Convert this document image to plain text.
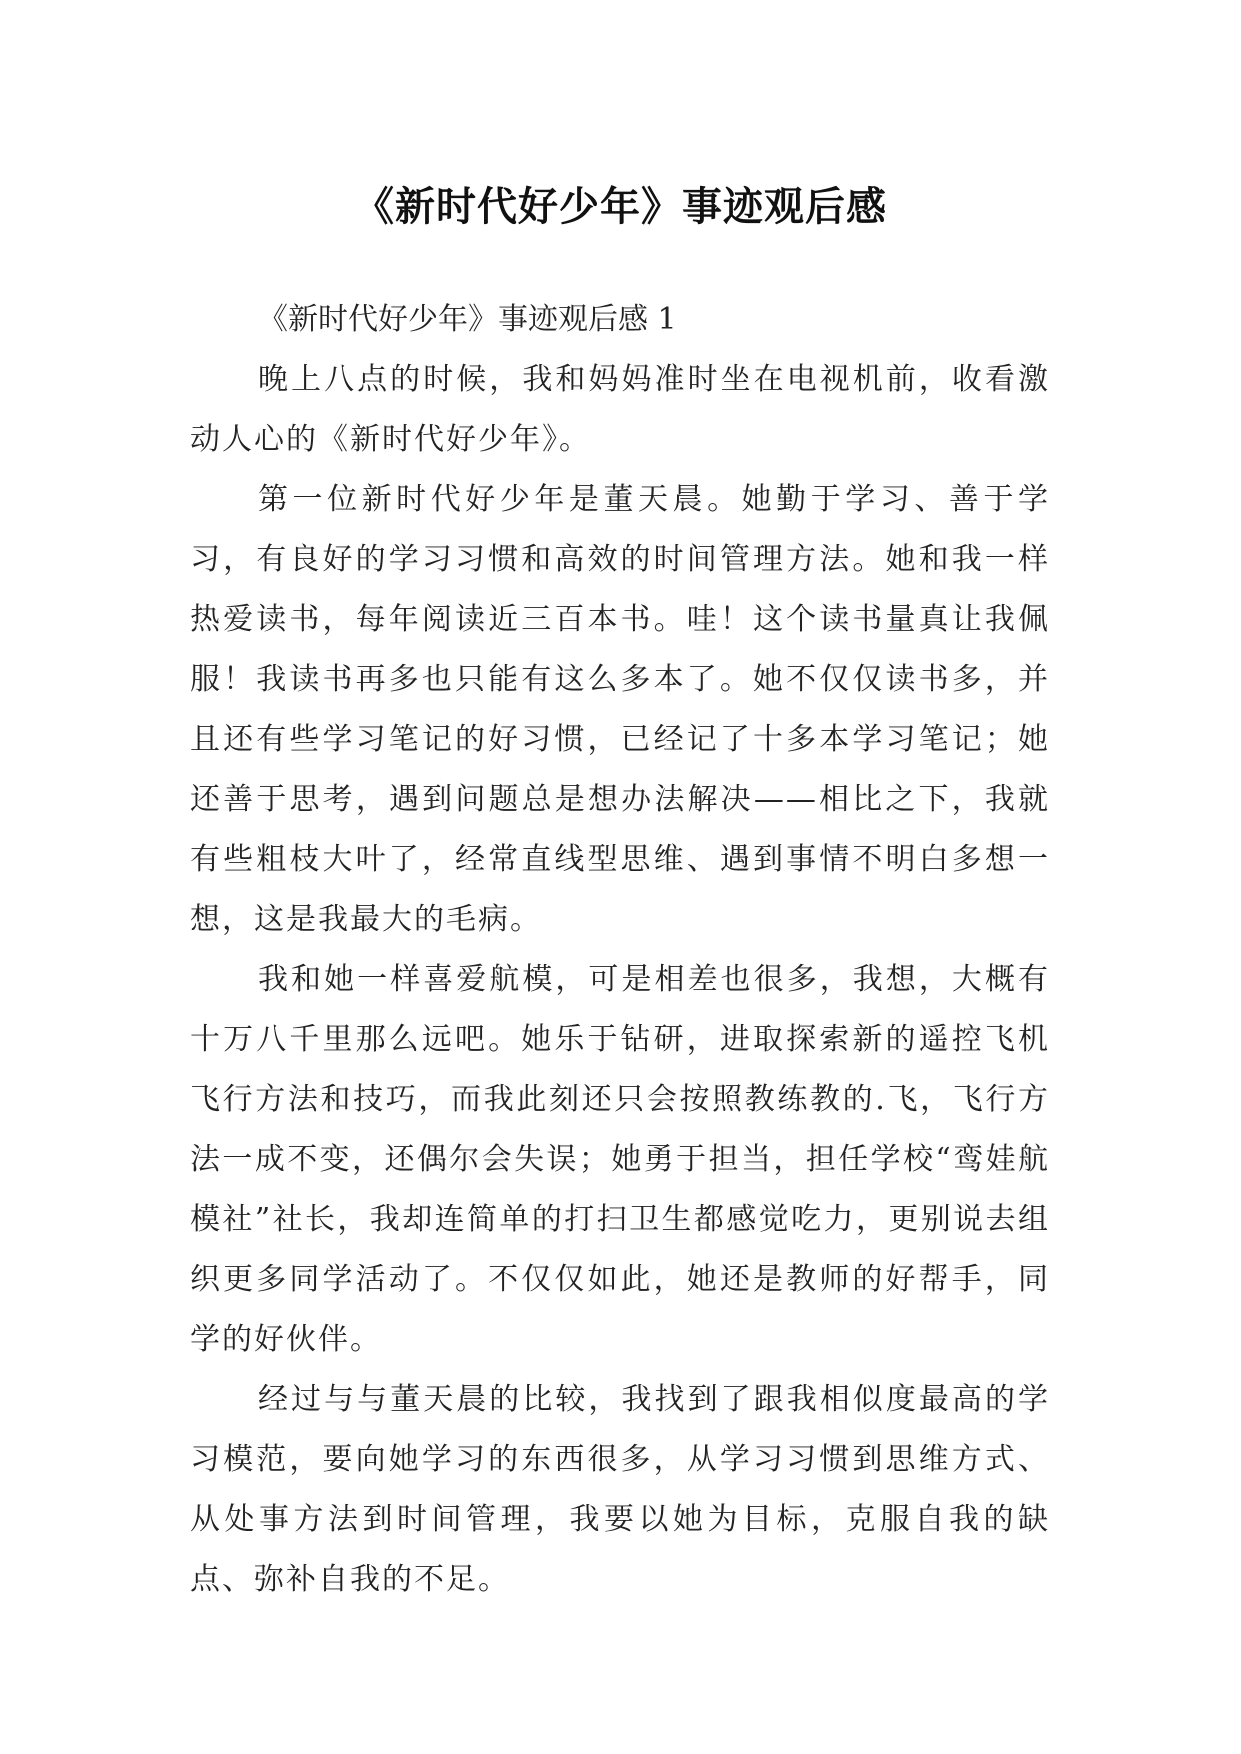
《新时代好少年》事迹观后感

《新时代好少年》事迹观后感 1

晚上八点的时候，我和妈妈准时坐在电视机前，收看激动人心的《新时代好少年》。

第一位新时代好少年是董天晨。她勤于学习、善于学习，有良好的学习习惯和高效的时间管理方法。她和我一样热爱读书，每年阅读近三百本书。哇！这个读书量真让我佩服！我读书再多也只能有这么多本了。她不仅仅读书多，并且还有些学习笔记的好习惯，已经记了十多本学习笔记；她还善于思考，遇到问题总是想办法解决——相比之下，我就有些粗枝大叶了，经常直线型思维、遇到事情不明白多想一想，这是我最大的毛病。

我和她一样喜爱航模，可是相差也很多，我想，大概有十万八千里那么远吧。她乐于钻研，进取探索新的遥控飞机飞行方法和技巧，而我此刻还只会按照教练教的.飞，飞行方法一成不变，还偶尔会失误；她勇于担当，担任学校“鸾娃航模社”社长，我却连简单的打扫卫生都感觉吃力，更别说去组织更多同学活动了。不仅仅如此，她还是教师的好帮手，同学的好伙伴。

经过与与董天晨的比较，我找到了跟我相似度最高的学习模范，要向她学习的东西很多，从学习习惯到思维方式、从处事方法到时间管理，我要以她为目标，克服自我的缺点、弥补自我的不足。
